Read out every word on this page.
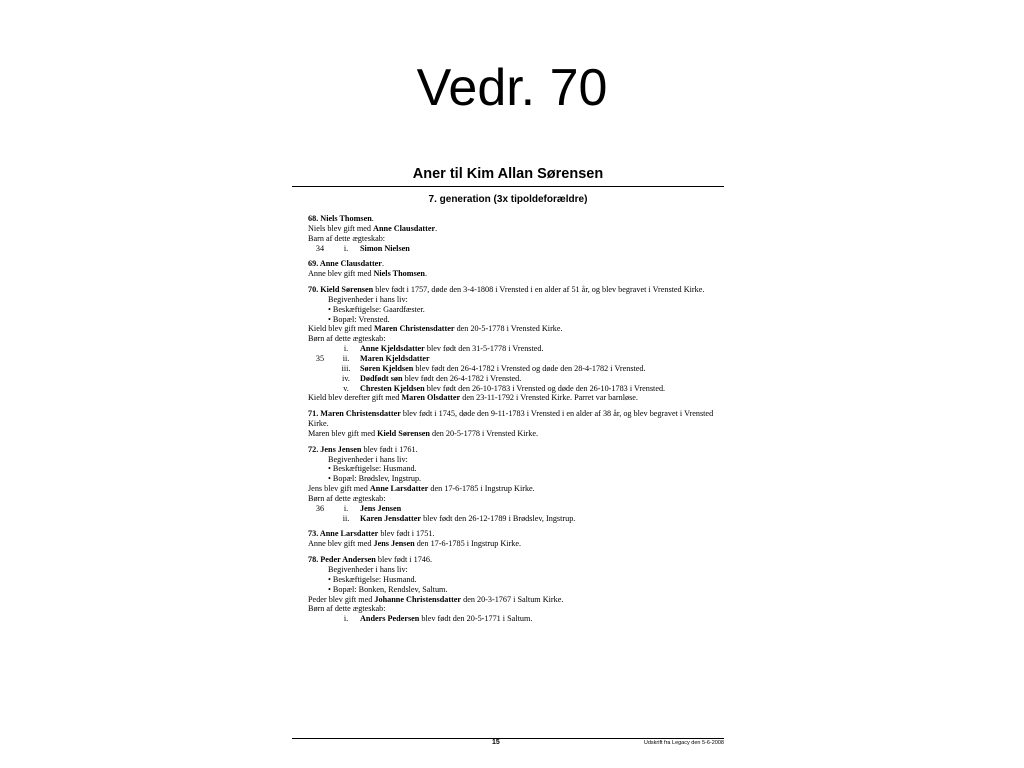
Vedr. 70
Aner til Kim Allan Sørensen
7. generation (3x tipoldeforældre)

68. Niels Thomsen.

Niels blev gift med Anne Clausdatter.

Barn af dette ægteskab:

34	i.	Simon Nielsen

69. Anne Clausdatter.

Anne blev gift med Niels Thomsen.

70. Kield Sørensen blev født i 1757, døde den 3-4-1808 i Vrensted i en alder af 51 år, og blev begravet i Vrensted Kirke.

Begivenheder i hans liv:

• Beskæftigelse: Gaardfæster.

• Bopæl: Vrensted.

Kield blev gift med Maren Christensdatter den 20-5-1778 i Vrensted Kirke.

Børn af dette ægteskab:

i.	Anne Kjeldsdatter blev født den 31-5-1778 i Vrensted.
35	ii.	Maren Kjeldsdatter
iii.	Søren Kjeldsen blev født den 26-4-1782 i Vrensted og døde den 28-4-1782 i Vrensted.
iv.	Dødfødt søn blev født den 26-4-1782 i Vrensted.
v.	Chresten Kjeldsen blev født den 26-10-1783 i Vrensted og døde den 26-10-1783 i Vrensted.

Kield blev derefter gift med Maren Olsdatter den 23-11-1792 i Vrensted Kirke. Parret var barnløse.

71. Maren Christensdatter blev født i 1745, døde den 9-11-1783 i Vrensted i en alder af 38 år, og blev begravet i Vrensted Kirke.

Maren blev gift med Kield Sørensen den 20-5-1778 i Vrensted Kirke.

72. Jens Jensen blev født i 1761.

Begivenheder i hans liv:

• Beskæftigelse: Husmand.

• Bopæl: Brødslev, Ingstrup.

Jens blev gift med Anne Larsdatter den 17-6-1785 i Ingstrup Kirke.

Børn af dette ægteskab:

36	i.	Jens Jensen
ii.	Karen Jensdatter blev født den 26-12-1789 i Brødslev, Ingstrup.

73. Anne Larsdatter blev født i 1751.

Anne blev gift med Jens Jensen den 17-6-1785 i Ingstrup Kirke.

78. Peder Andersen blev født i 1746.

Begivenheder i hans liv:

• Beskæftigelse: Husmand.

• Bopæl: Bonken, Rendslev, Saltum.

Peder blev gift med Johanne Christensdatter den 20-3-1767 i Saltum Kirke.

Børn af dette ægteskab:

i.	Anders Pedersen blev født den 20-5-1771 i Saltum.
15	Udskrift fra Legacy den 5-6-2008
